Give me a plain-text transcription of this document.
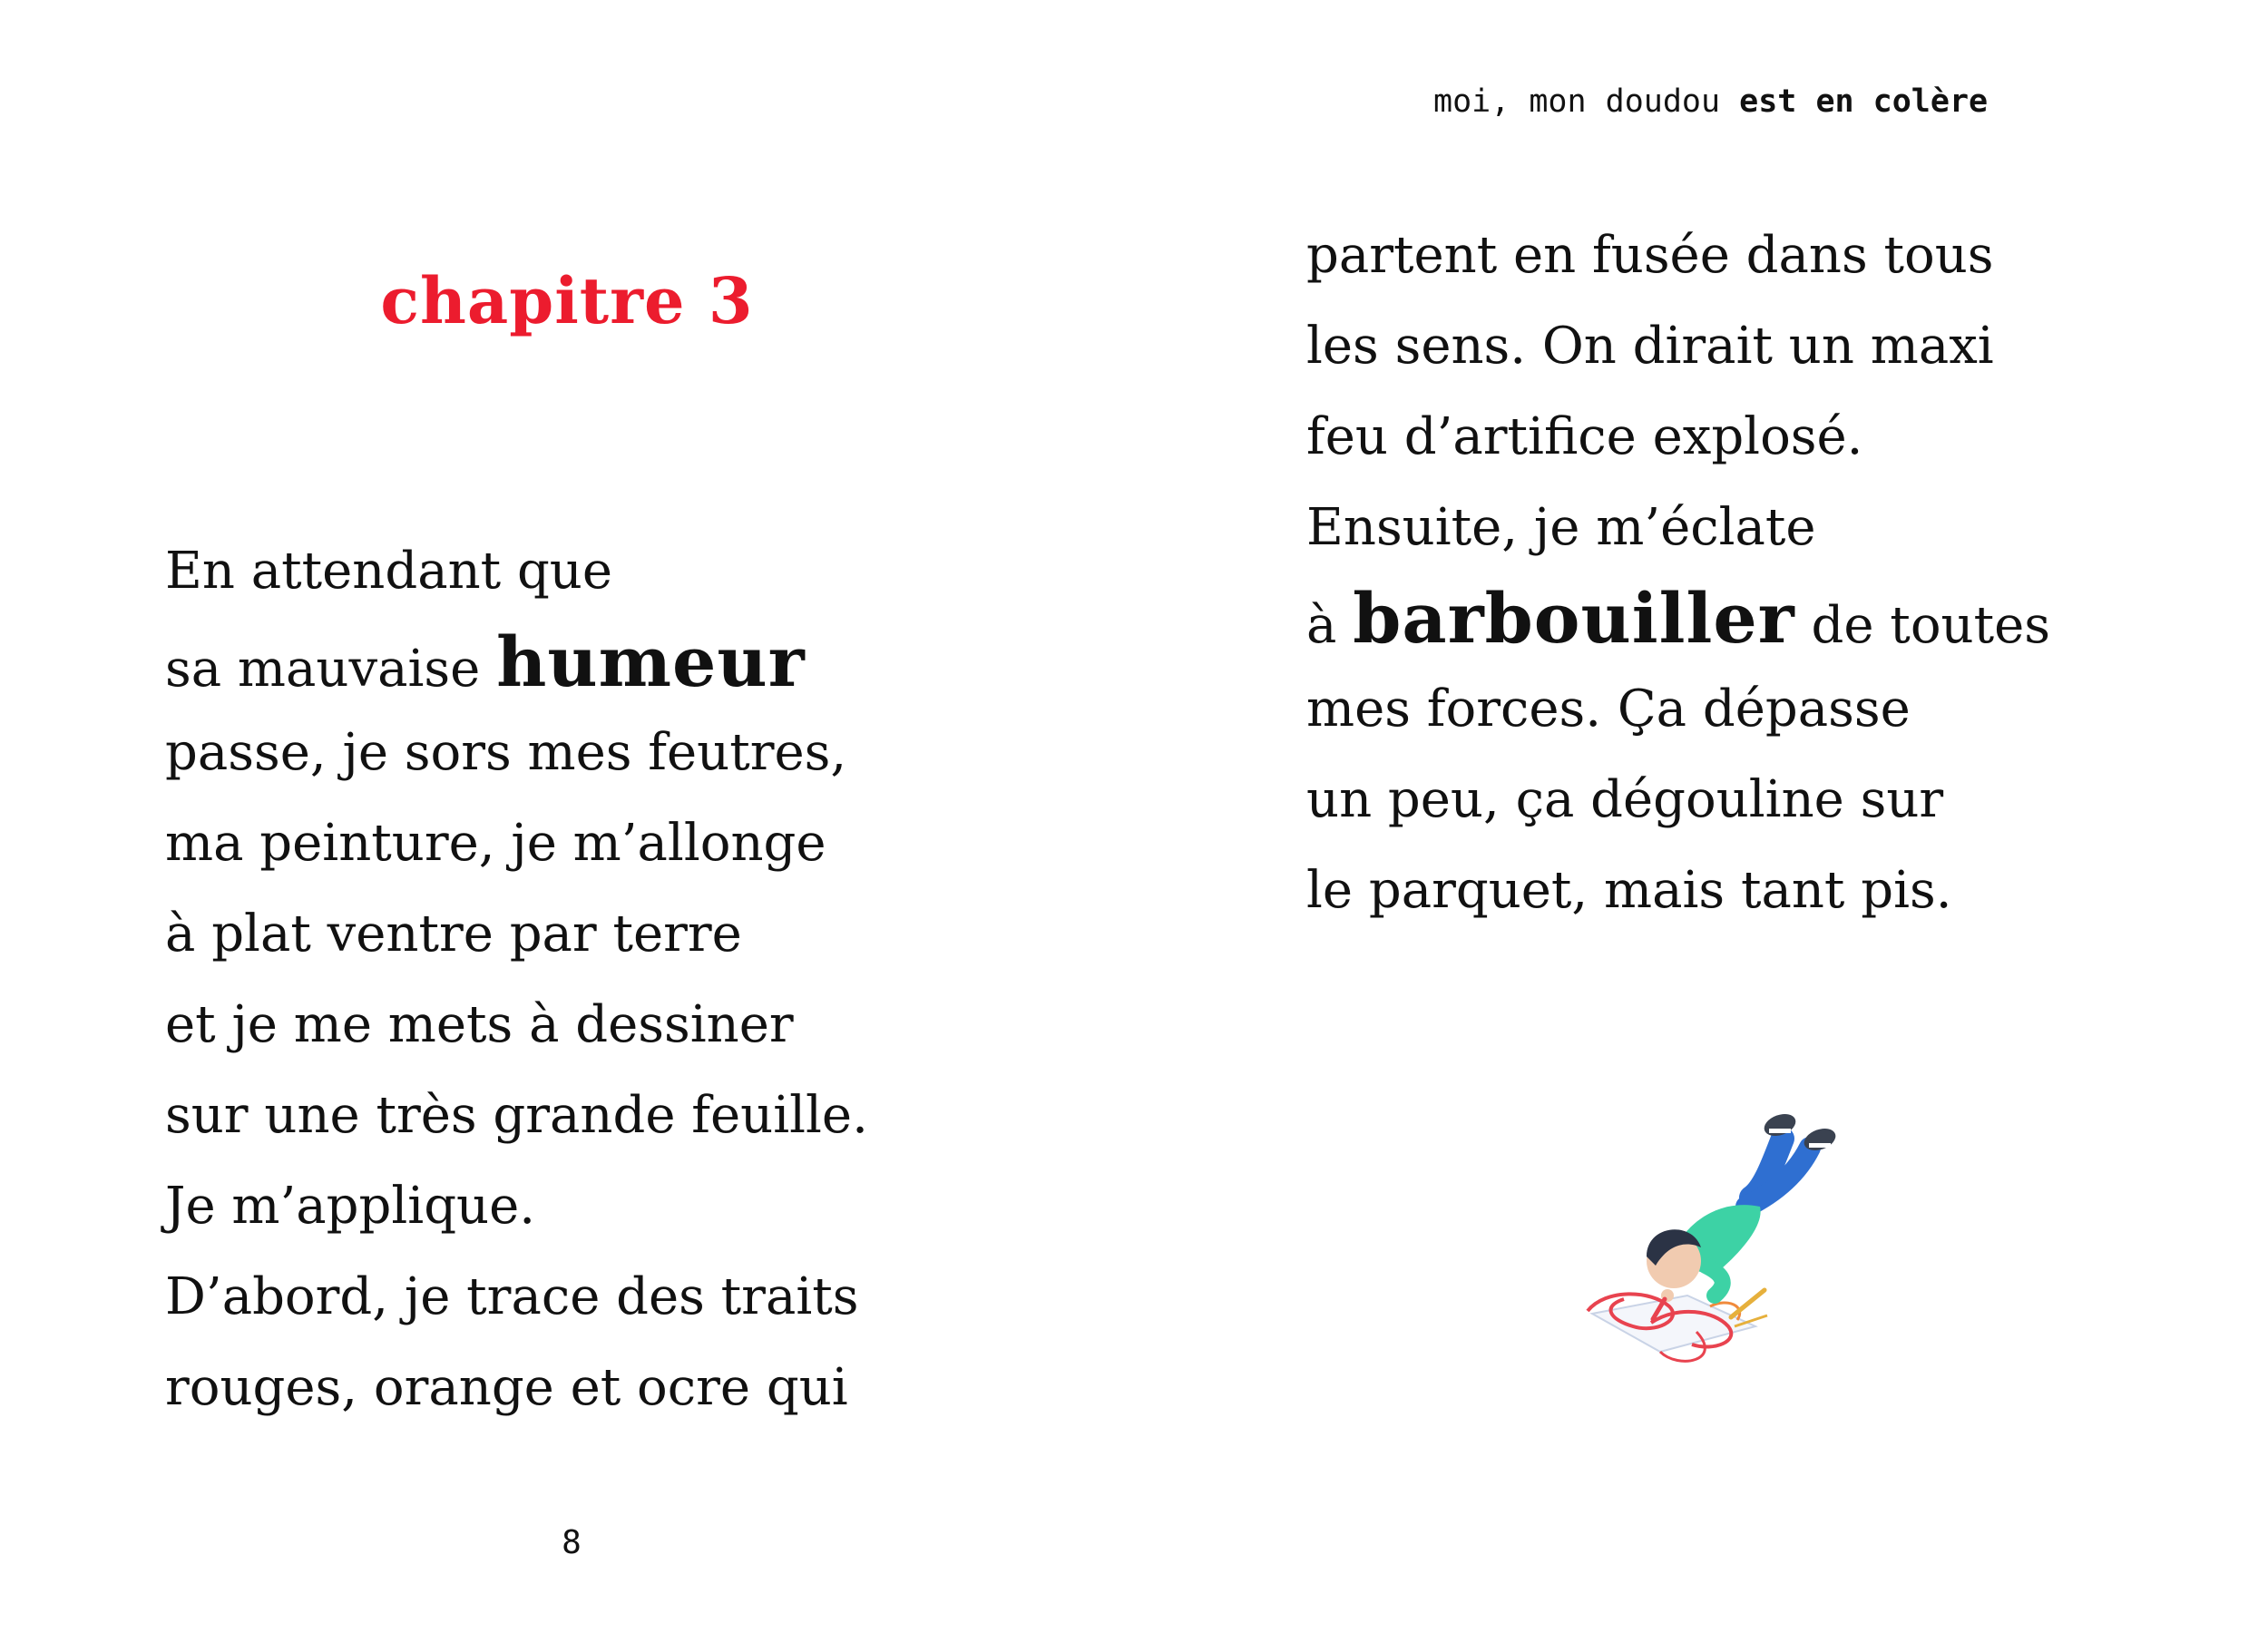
chapitre 3
En attendant que
sa mauvaise humeur
passe, je sors mes feutres,
ma peinture, je m’allonge
à plat ventre par terre
et je me mets à dessiner
sur une très grande feuille.
Je m’applique.
D’abord, je trace des traits
rouges, orange et ocre qui
8
moi, mon doudou est en colère
partent en fusée dans tous
les sens. On dirait un maxi
feu d’artifice explosé.
Ensuite, je m’éclate
à barbouiller de toutes
mes forces. Ça dépasse
un peu, ça dégouline sur
le parquet, mais tant pis.
